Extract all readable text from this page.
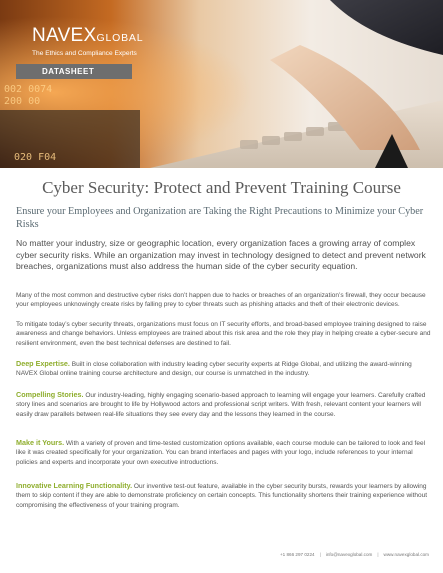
002 0074
200 00
020 F04
NAVEXGLOBAL
The Ethics and Compliance Experts
DATASHEET
Cyber Security: Protect and Prevent Training Course
Ensure your Employees and Organization are Taking the Right Precautions to Minimize your Cyber Risks
No matter your industry, size or geographic location, every organization faces a growing array of complex cyber security risks. While an organization may invest in technology designed to detect and prevent network breaches, organizations must also address the human side of the cyber security equation.
Many of the most common and destructive cyber risks don’t happen due to hacks or breaches of an organization’s firewall, they occur because your employees unknowingly create risks by falling prey to cyber threats such as phishing attacks and theft of their electronic devices.
To mitigate today’s cyber security threats, organizations must focus on IT security efforts, and broad-based employee training designed to raise awareness and change behaviors. Unless employees are trained about this risk area and the role they play in helping create a cyber-secure and resilient environment, even the best technical defenses are destined to fail.
Deep Expertise. Built in close collaboration with industry leading cyber security experts at Ridge Global, and utilizing the award-winning NAVEX Global online training course architecture and design, our course is unmatched in the industry.
Compelling Stories. Our industry-leading, highly engaging scenario-based approach to learning will engage your learners. Carefully crafted story lines and scenarios are brought to life by Hollywood actors and professional script writers. With fresh, relevant content your learners will easily draw parallels between real-life situations they see every day and the lessons they learned in the course.
Make it Yours. With a variety of proven and time-tested customization options available, each course module can be tailored to look and feel like it was created specifically for your organization. You can brand interfaces and pages with your logo, include references to your internal policies and experts and incorporate your own executive introductions.
Innovative Learning Functionality. Our inventive test-out feature, available in the cyber security bursts, rewards your learners by allowing them to skip content if they are able to demonstrate proficiency on certain concepts. This functionality shortens their training experience without compromising the effectiveness of your training program.
+1 866 297 0224 | info@navexglobal.com | www.navexglobal.com
